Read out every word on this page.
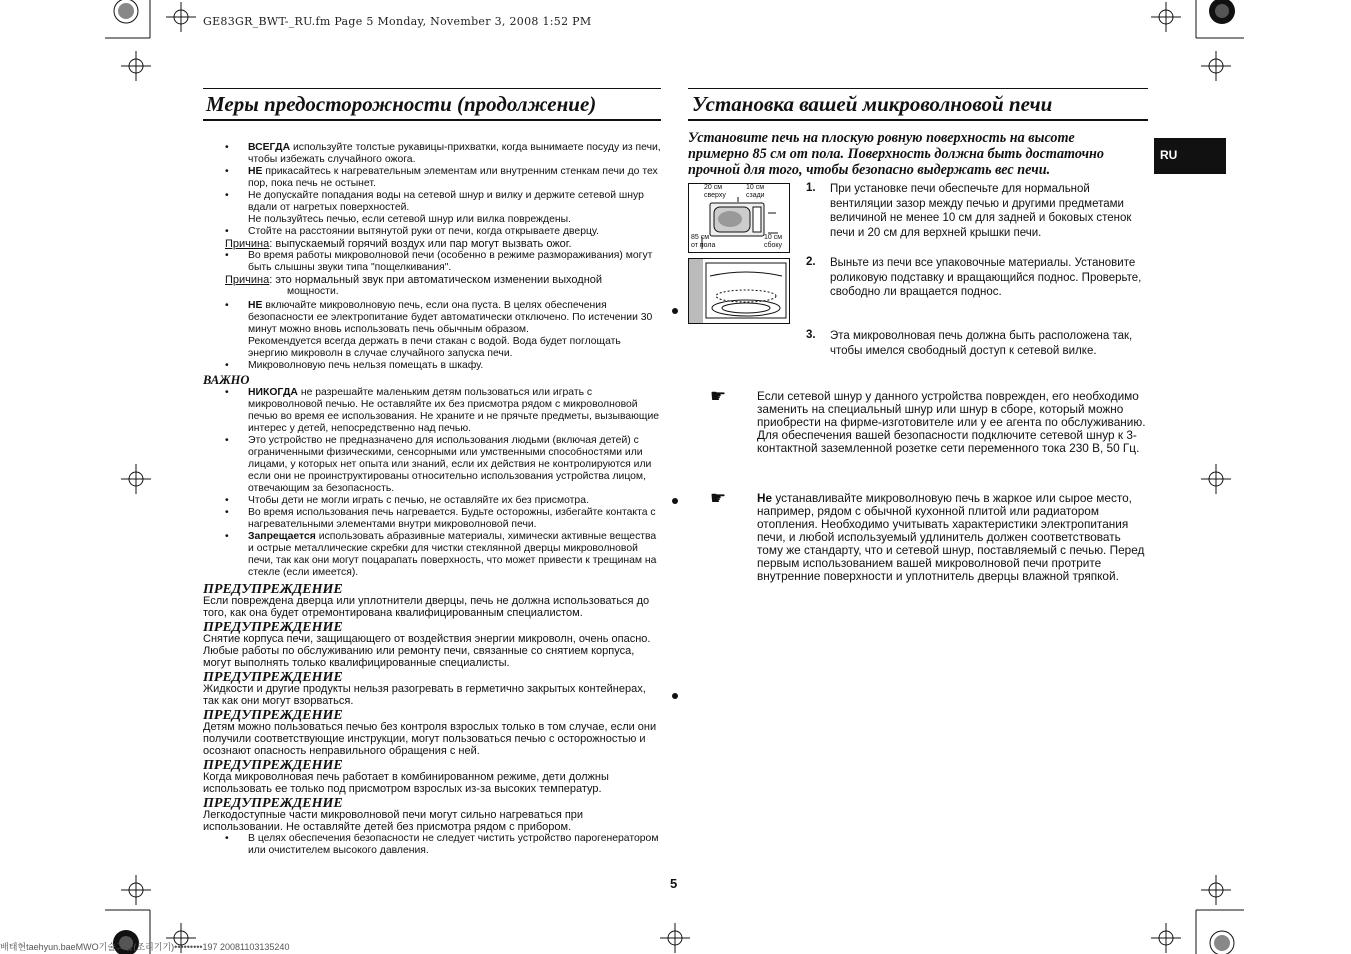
GE83GR_BWT-_RU.fm Page 5 Monday, November 3, 2008 1:52 PM
Меры предосторожности (продолжение)
• ВСЕГДА используйте толстые рукавицы-прихватки, когда вынимаете посуду из печи, чтобы избежать случайного ожога.
• НЕ прикасайтесь к нагревательным элементам или внутренним стенкам печи до тех пор, пока печь не остынет.
• Не допускайте попадания воды на сетевой шнур и вилку и держите сетевой шнур вдали от нагретых поверхностей.
Не пользуйтесь печью, если сетевой шнур или вилка повреждены.
• Стойте на расстоянии вытянутой руки от печи, когда открываете дверцу.
Причина: выпускаемый горячий воздух или пар могут вызвать ожог.
• Во время работы микроволновой печи (особенно в режиме размораживания) могут быть слышны звуки типа "пощелкивания".
Причина: это нормальный звук при автоматическом изменении выходной
мощности.
• НЕ включайте микроволновую печь, если она пуста. В целях обеспечения безопасности ее электропитание будет автоматически отключено. По истечении 30 минут можно вновь использовать печь обычным образом.
Рекомендуется всегда держать в печи стакан с водой. Вода будет поглощать энергию микроволн в случае случайного запуска печи.
• Микроволновую печь нельзя помещать в шкафу.
ВАЖНО
• НИКОГДА не разрешайте маленьким детям пользоваться или играть с микроволновой печью. Не оставляйте их без присмотра рядом с микроволновой печью во время ее использования. Не храните и не прячьте предметы, вызывающие интерес у детей, непосредственно над печью.
• Это устройство не предназначено для использования людьми (включая детей) с ограниченными физическими, сенсорными или умственными способностями или лицами, у которых нет опыта или знаний, если их действия не контролируются или если они не проинструктированы относительно использования устройства лицом, отвечающим за безопасность.
• Чтобы дети не могли играть с печью, не оставляйте их без присмотра.
• Во время использования печь нагревается. Будьте осторожны, избегайте контакта с нагревательными элементами внутри микроволновой печи.
• Запрещается использовать абразивные материалы, химически активные вещества и острые металлические скребки для чистки стеклянной дверцы микроволновой печи, так как они могут поцарапать поверхность, что может привести к трещинам на стекле (если имеется).
ПРЕДУПРЕЖДЕНИЕ
Если повреждена дверца или уплотнители дверцы, печь не должна использоваться до того, как она будет отремонтирована квалифицированным специалистом.
ПРЕДУПРЕЖДЕНИЕ
Снятие корпуса печи, защищающего от воздействия энергии микроволн, очень опасно. Любые работы по обслуживанию или ремонту печи, связанные со снятием корпуса, могут выполнять только квалифицированные специалисты.
ПРЕДУПРЕЖДЕНИЕ
Жидкости и другие продукты нельзя разогревать в герметично закрытых контейнерах, так как они могут взорваться.
ПРЕДУПРЕЖДЕНИЕ
Детям можно пользоваться печью без контроля взрослых только в том случае, если они получили соответствующие инструкции, могут пользоваться печью с осторожностью и осознают опасность неправильного обращения с ней.
ПРЕДУПРЕЖДЕНИЕ
Когда микроволновая печь работает в комбинированном режиме, дети должны использовать ее только под присмотром взрослых из-за высоких температур.
ПРЕДУПРЕЖДЕНИЕ
Легкодоступные части микроволновой печи могут сильно нагреваться при использовании. Не оставляйте детей без присмотра рядом с прибором.
• В целях обеспечения безопасности не следует чистить устройство парогенератором или очистителем высокого давления.
Установка вашей микроволновой печи
RU
Установите печь на плоскую ровную поверхность на высоте примерно 85 см от пола. Поверхность должна быть достаточно прочной для того, чтобы безопасно выдержать вес печи.
20 см
сверху
10 см
сзади
85 см
от пола
10 см
сбоку
1. При установке печи обеспечьте для нормальной вентиляции зазор между печью и другими предметами величиной не менее 10 см для задней и боковых стенок печи и 20 см для верхней крышки печи.
2. Выньте из печи все упаковочные материалы. Установите роликовую подставку и вращающийся поднос. Проверьте, свободно ли вращается поднос.
3. Эта микроволновая печь должна быть расположена так, чтобы имелся свободный доступ к сетевой вилке.
☛	Если сетевой шнур у данного устройства поврежден, его необходимо заменить на специальный шнур или шнур в сборе, который можно приобрести на фирме-изготовителе или у ее агента по обслуживанию.
Для обеспечения вашей безопасности подключите сетевой шнур к 3-контактной заземленной розетке сети переменного тока 230 В, 50 Гц.
☛	Не устанавливайте микроволновую печь в жаркое или сырое место, например, рядом с обычной кухонной плитой или радиатором отопления. Необходимо учитывать характеристики электропитания печи, и любой используемый удлинитель должен соответствовать тому же стандарту, что и сетевой шнур, поставляемый с печью. Перед первым использованием вашей микроволновой печи протрите внутренние поверхности и уплотнитель дверцы влажной тряпкой.
5
배태현taehyun.baeMWO기술그룹(조리기기)•••••••••197 20081103135240
